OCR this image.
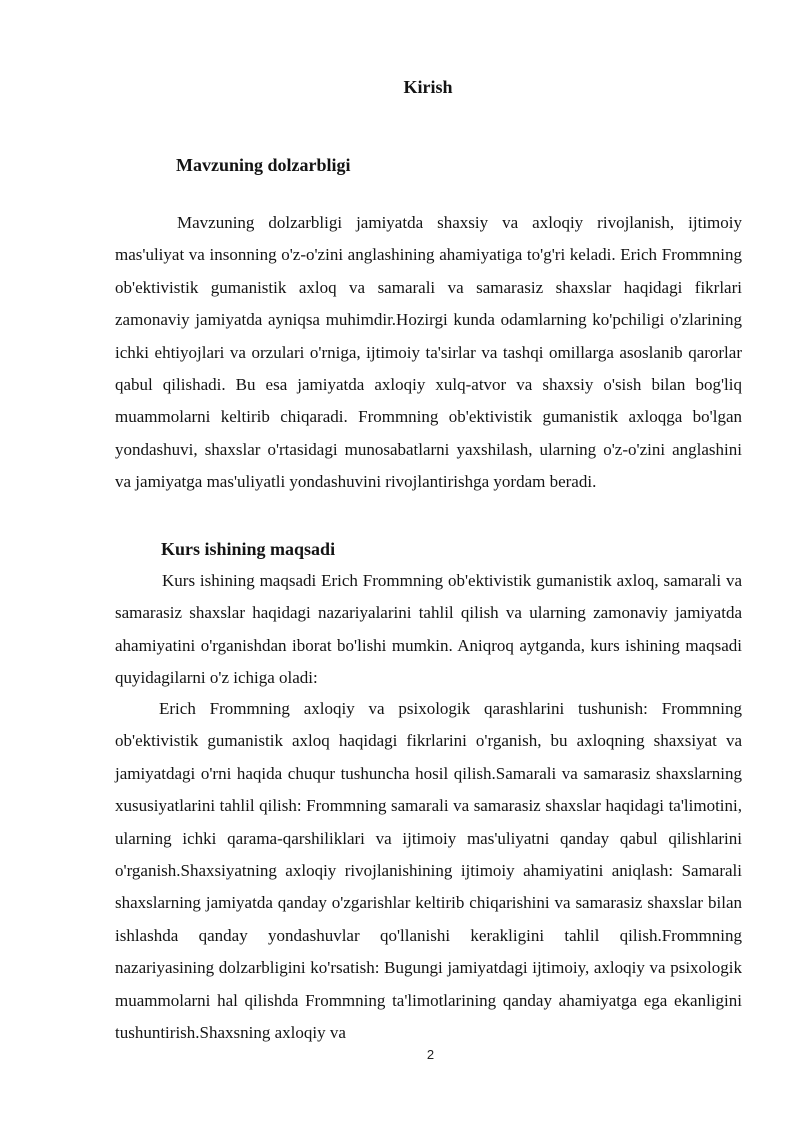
Kirish
Mavzuning dolzarbligi

Mavzuning dolzarbligi jamiyatda shaxsiy va axloqiy rivojlanish, ijtimoiy mas'uliyat va insonning o'z-o'zini anglashining ahamiyatiga to'g'ri keladi. Erich Frommning ob'ektivistik gumanistik axloq va samarali va samarasiz shaxslar haqidagi fikrlari zamonaviy jamiyatda ayniqsa muhimdir.Hozirgi kunda odamlarning ko'pchiligi o'zlarining ichki ehtiyojlari va orzulari o'rniga, ijtimoiy ta'sirlar va tashqi omillarga asoslanib qarorlar qabul qilishadi. Bu esa jamiyatda axloqiy xulq-atvor va shaxsiy o'sish bilan bog'liq muammolarni keltirib chiqaradi. Frommning ob'ektivistik gumanistik axloqga bo'lgan yondashuvi, shaxslar o'rtasidagi munosabatlarni yaxshilash, ularning o'z-o'zini anglashini va jamiyatga mas'uliyatli yondashuvini rivojlantirishga yordam beradi.

Kurs ishining maqsadi

Kurs ishining maqsadi Erich Frommning ob'ektivistik gumanistik axloq, samarali va samarasiz shaxslar haqidagi nazariyalarini tahlil qilish va ularning zamonaviy jamiyatda ahamiyatini o'rganishdan iborat bo'lishi mumkin. Aniqroq aytganda, kurs ishining maqsadi quyidagilarni o'z ichiga oladi:

Erich Frommning axloqiy va psixologik qarashlarini tushunish: Frommning ob'ektivistik gumanistik axloq haqidagi fikrlarini o'rganish, bu axloqning shaxsiyat va jamiyatdagi o'rni haqida chuqur tushuncha hosil qilish.Samarali va samarasiz shaxslarning xususiyatlarini tahlil qilish: Frommning samarali va samarasiz shaxslar haqidagi ta'limotini, ularning ichki qarama-qarshiliklari va ijtimoiy mas'uliyatni qanday qabul qilishlarini o'rganish.Shaxsiyatning axloqiy rivojlanishining ijtimoiy ahamiyatini aniqlash: Samarali shaxslarning jamiyatda qanday o'zgarishlar keltirib chiqarishini va samarasiz shaxslar bilan ishlashda qanday yondashuvlar qo'llanishi kerakligini tahlil qilish.Frommning nazariyasining dolzarbligini ko'rsatish: Bugungi jamiyatdagi ijtimoiy, axloqiy va psixologik muammolarni hal qilishda Frommning ta'limotlarining qanday ahamiyatga ega ekanligini tushuntirish.Shaxsning axloqiy va

2
